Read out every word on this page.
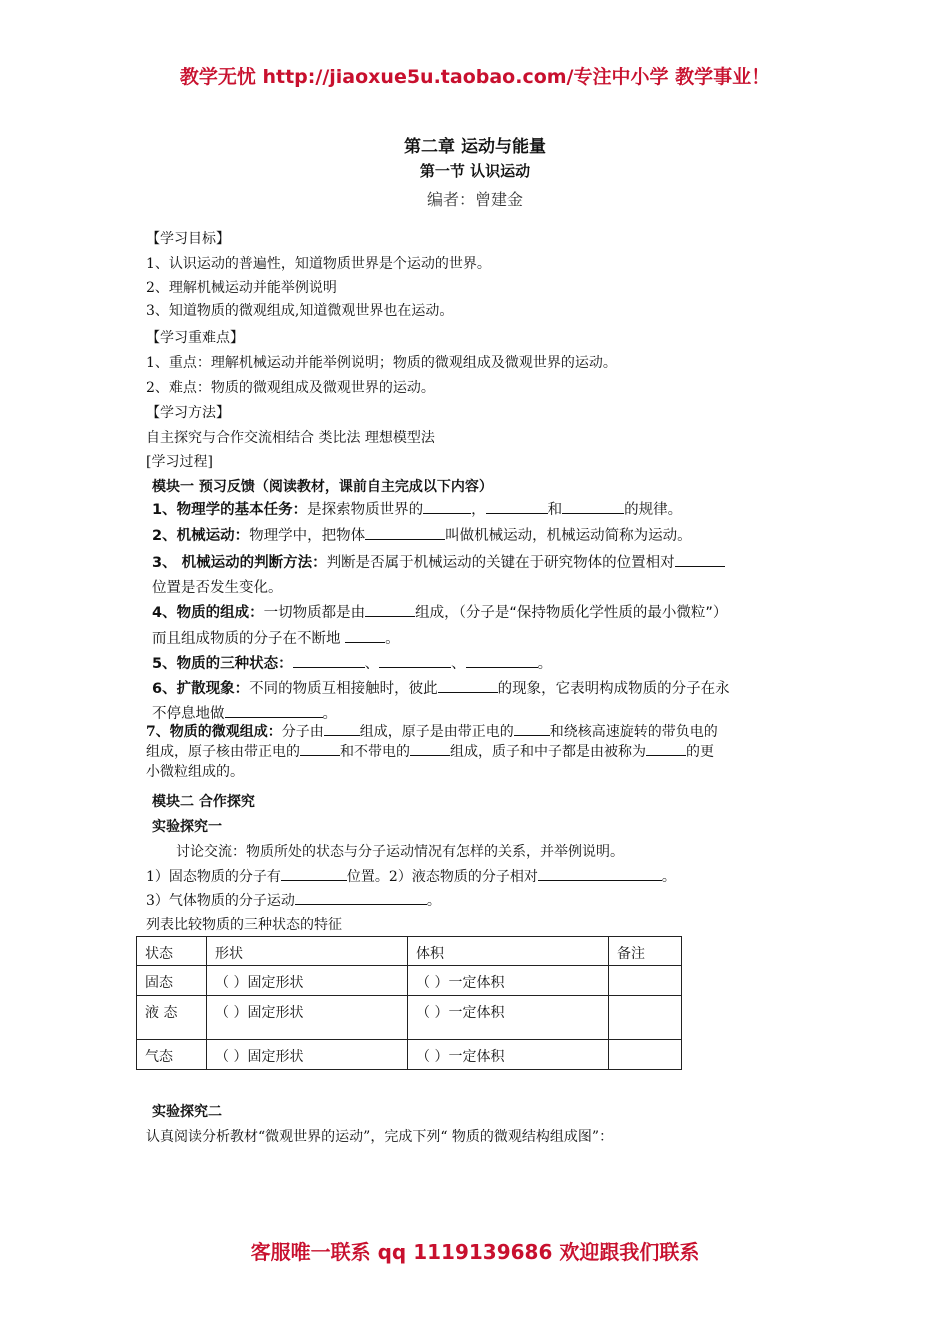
教学无忧 http://jiaoxue5u.taobao.com/专注中小学 教学事业！
第二章 运动与能量
第一节 认识运动
编者：曾建金
【学习目标】
1、认识运动的普遍性，知道物质世界是个运动的世界。
2、理解机械运动并能举例说明
3、知道物质的微观组成,知道微观世界也在运动。
【学习重难点】
1、重点：理解机械运动并能举例说明；物质的微观组成及微观世界的运动。
2、难点：物质的微观组成及微观世界的运动。
【学习方法】
自主探究与合作交流相结合 类比法 理想模型法
[学习过程]
模块一 预习反馈（阅读教材，课前自主完成以下内容）
1、物理学的基本任务：是探索物质世界的	，	和	的规律。
2、机械运动：物理学中，把物体	叫做机械运动，机械运动简称为运动。
3、 机械运动的判断方法：判断是否属于机械运动的关键在于研究物体的位置相对
位置是否发生变化。
4、物质的组成：一切物质都是由	组成，（分子是“保持物质化学性质的最小微粒”）
而且组成物质的分子在不断地	。
5、物质的三种状态：	、	、	。
6、扩散现象：不同的物质互相接触时，彼此	的现象，它表明构成物质的分子在永
不停息地做	。
7、物质的微观组成：分子由	组成，原子是由带正电的	和绕核高速旋转的带负电的
组成，原子核由带正电的	和不带电的	组成，质子和中子都是由被称为	的更
小微粒组成的。
模块二 合作探究
实验探究一
讨论交流：物质所处的状态与分子运动情况有怎样的关系，并举例说明。
1）固态物质的分子有	位置。2）液态物质的分子相对	。
3）气体物质的分子运动	。
列表比较物质的三种状态的特征
状态	形状	体积	备注
固态	（ ）固定形状	（ ）一定体积	
液 态	（ ）固定形状	（ ）一定体积	
气态	（ ）固定形状	（ ）一定体积	
实验探究二
认真阅读分析教材“微观世界的运动”，完成下列“ 物质的微观结构组成图”：
客服唯一联系 qq 1119139686 欢迎跟我们联系
